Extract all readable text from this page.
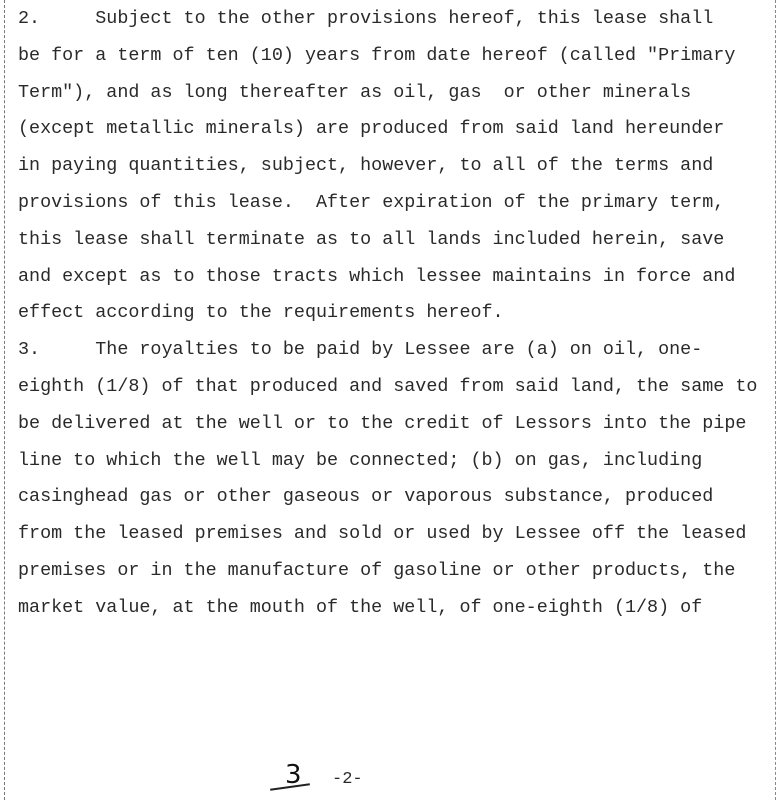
2.     Subject to the other provisions hereof, this lease shall
be for a term of ten (10) years from date hereof (called "Primary
Term"), and as long thereafter as oil, gas  or other minerals
(except metallic minerals) are produced from said land hereunder
in paying quantities, subject, however, to all of the terms and
provisions of this lease.  After expiration of the primary term,
this lease shall terminate as to all lands included herein, save
and except as to those tracts which lessee maintains in force and
effect according to the requirements hereof.
3.     The royalties to be paid by Lessee are (a) on oil, one-
eighth (1/8) of that produced and saved from said land, the same to
be delivered at the well or to the credit of Lessors into the pipe
line to which the well may be connected; (b) on gas, including
casinghead gas or other gaseous or vaporous substance, produced
from the leased premises and sold or used by Lessee off the leased
premises or in the manufacture of gasoline or other products, the
market value, at the mouth of the well, of one-eighth (1/8) of
3 -2-
